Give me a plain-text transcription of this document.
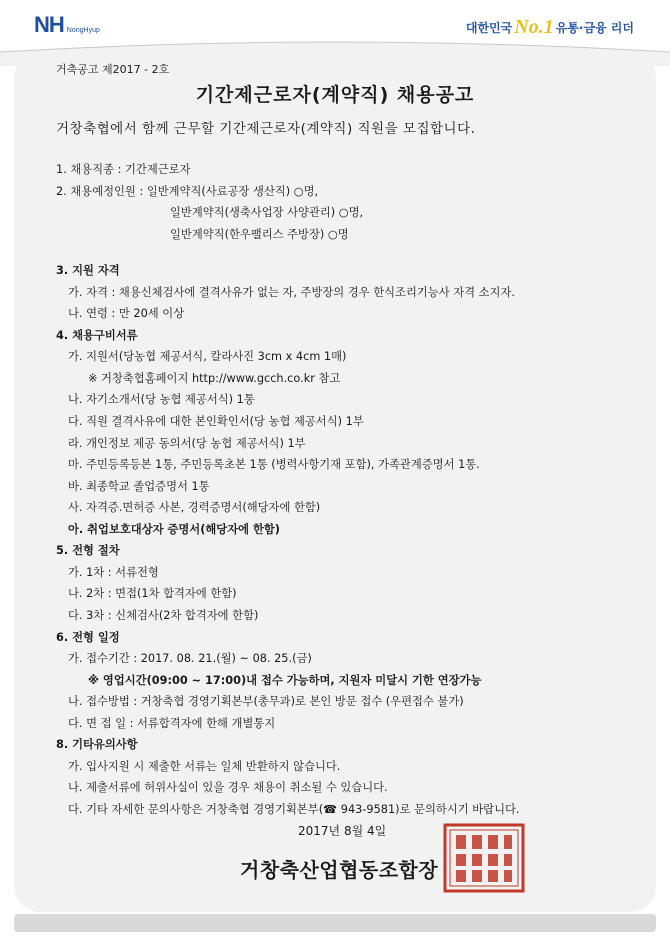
NH NongHyup	대한민국 No.1 유통·금융 리더
거축공고 제2017 - 2호
기간제근로자(계약직) 채용공고
거창축협에서 함께 근무할 기간제근로자(계약직) 직원을 모집합니다.
1. 채용직종 : 기간제근로자
2. 채용예정인원 : 일반계약직(사료공장 생산직) ○명,
일반계약직(생축사업장 사양관리) ○명,
일반계약직(한우팰리스 주방장) ○명
3. 지원 자격
가. 자격 : 채용신체검사에 결격사유가 없는 자, 주방장의 경우 한식조리기능사 자격 소지자.
나. 연령 : 만 20세 이상
4. 채용구비서류
가. 지원서(당농협 제공서식, 칼라사진 3cm x 4cm 1매)
※ 거창축협홈페이지 http://www.gcch.co.kr 참고
나. 자기소개서(당 농협 제공서식) 1통
다. 직원 결격사유에 대한 본인확인서(당 농협 제공서식) 1부
라. 개인정보 제공 동의서(당 농협 제공서식) 1부
마. 주민등록등본 1통, 주민등록초본 1통 (병력사항기재 포함), 가족관계증명서 1통.
바. 최종학교 졸업증명서 1통
사. 자격증.면허증 사본, 경력증명서(해당자에 한함)
아. 취업보호대상자 증명서(해당자에 한함)
5. 전형 절차
가. 1차 : 서류전형
나. 2차 : 면접(1차 합격자에 한함)
다. 3차 : 신체검사(2차 합격자에 한함)
6. 전형 일정
가. 접수기간 : 2017. 08. 21.(월) ~ 08. 25.(금)
※ 영업시간(09:00 ~ 17:00)내 접수 가능하며, 지원자 미달시 기한 연장가능
나. 접수방법 : 거창축협 경영기획본부(총무과)로 본인 방문 접수 (우편접수 불가)
다. 면 접 일 : 서류합격자에 한해 개별통지
8. 기타유의사항
가. 입사지원 시 제출한 서류는 일체 반환하지 않습니다.
나. 제출서류에 허위사실이 있을 경우 채용이 취소될 수 있습니다.
다. 기타 자세한 문의사항은 거창축협 경영기획본부(☎ 943-9581)로 문의하시기 바랍니다.
2017년 8월 4일
거창축산업협동조합장
